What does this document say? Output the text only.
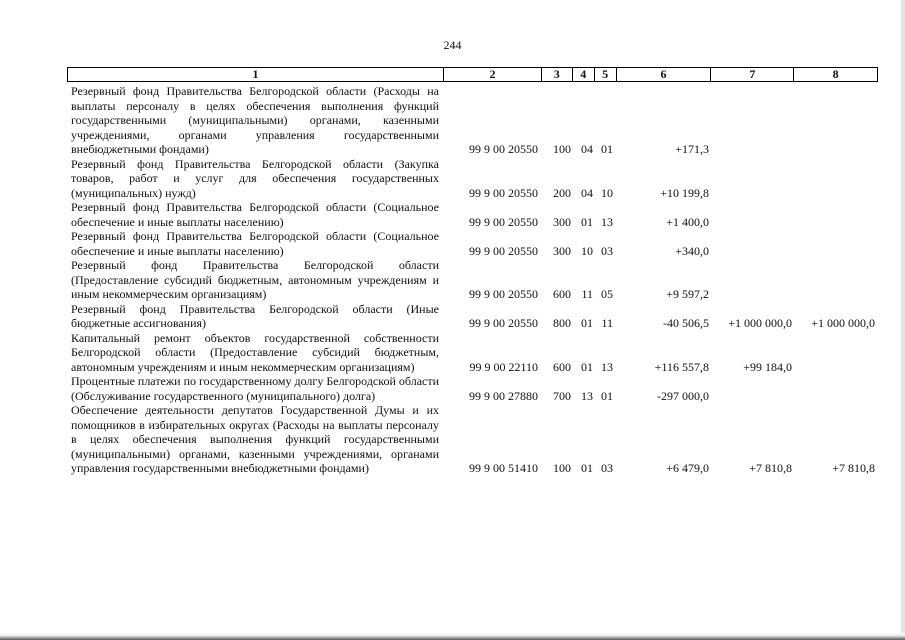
244
1	2	3	4	5	6	7	8
Резервный фонд Правительства Белгородской области (Расходы на выплаты персоналу в целях обеспечения выполнения функций государственными (муниципальными) органами, казенными учреждениями, органами управления государственными внебюджетными фондами)	99 9 00 20550	100 04 01	+171,3
Резервный фонд Правительства Белгородской области (Закупка товаров, работ и услуг для обеспечения государственных (муниципальных) нужд)	99 9 00 20550	200 04 10	+10 199,8
Резервный фонд Правительства Белгородской области (Социальное обеспечение и иные выплаты населению)	99 9 00 20550	300 01 13	+1 400,0
Резервный фонд Правительства Белгородской области (Социальное обеспечение и иные выплаты населению)	99 9 00 20550	300 10 03	+340,0
Резервный фонд Правительства Белгородской области (Предоставление субсидий бюджетным, автономным учреждениям и иным некоммерческим организациям)	99 9 00 20550	600 11 05	+9 597,2
Резервный фонд Правительства Белгородской области (Иные бюджетные ассигнования)	99 9 00 20550	800 01 11	-40 506,5	+1 000 000,0	+1 000 000,0
Капитальный ремонт объектов государственной собственности Белгородской области (Предоставление субсидий бюджетным, автономным учреждениям и иным некоммерческим организациям)	99 9 00 22110	600 01 13	+116 557,8	+99 184,0
Процентные платежи по государственному долгу Белгородской области (Обслуживание государственного (муниципального) долга)	99 9 00 27880	700 13 01	-297 000,0
Обеспечение деятельности депутатов Государственной Думы и их помощников в избирательных округах (Расходы на выплаты персоналу в целях обеспечения выполнения функций государственными (муниципальными) органами, казенными учреждениями, органами управления государственными внебюджетными фондами)	99 9 00 51410	100 01 03	+6 479,0	+7 810,8	+7 810,8
